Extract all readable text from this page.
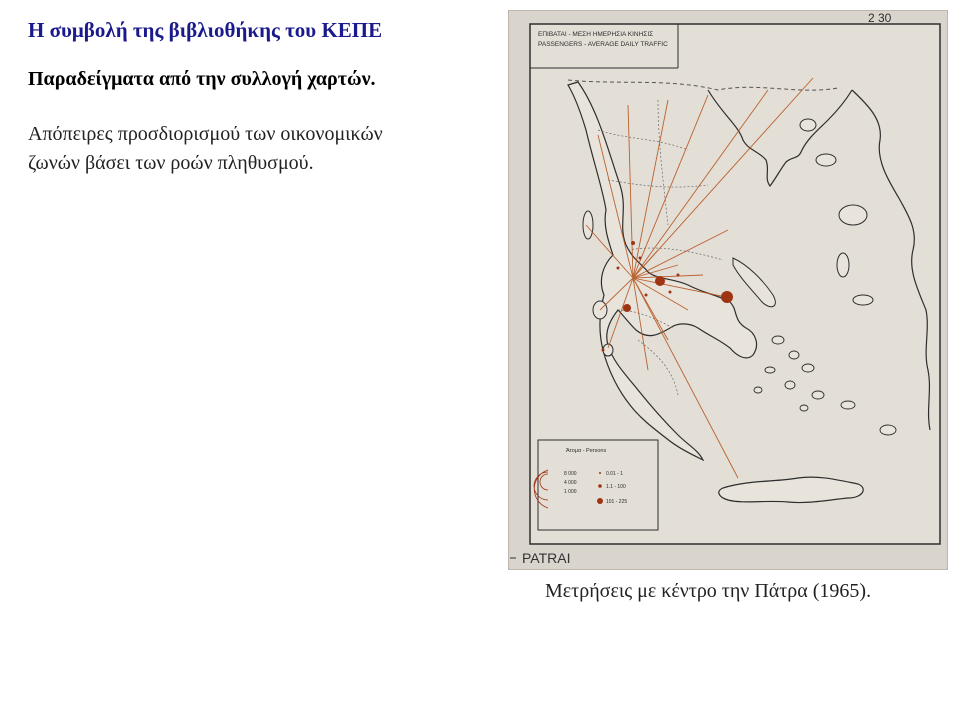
Η συμβολή της βιβλιοθήκης του ΚΕΠΕ
Παραδείγματα από την συλλογή χαρτών.
Απόπειρες προσδιορισμού των οικονομικών
ζωνών βάσει των ροών πληθυσμού.
ΕΠΙΒΑΤΑΙ - ΜΕΣΗ ΗΜΕΡΗΣΙΑ ΚΙΝΗΣΙΣ
PASSENGERS - AVERAGE DAILY TRAFFIC
2 30
Άτομα - Persons
8 000
4 000
1 000
0.01 - 1
1.1 - 100
101 - 225
PATRAI
Μετρήσεις με κέντρο την Πάτρα (1965).
